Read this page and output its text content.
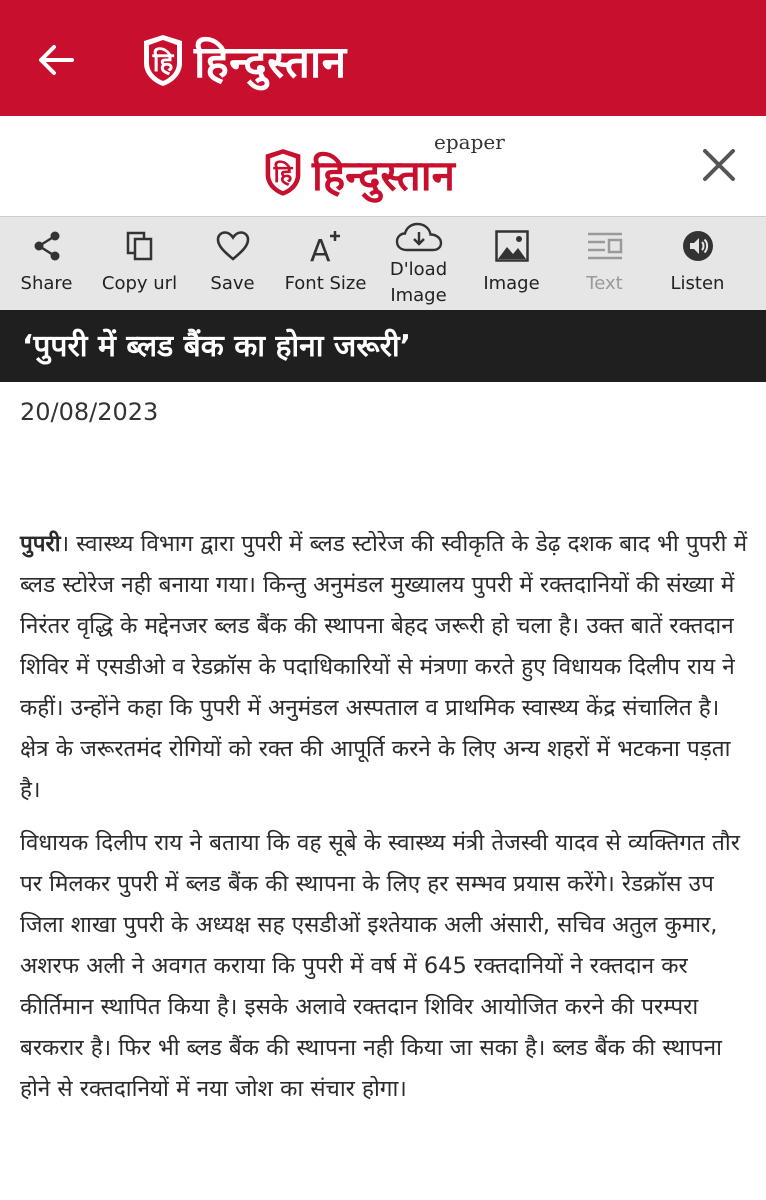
हि हिन्दुस्तान
हि
epaper
हिन्दुस्तान
Share Copy url Save
A
Font Size
D'load
Image
Image	Text	Listen
‘पुपरी में ब्लड बैंक का होना जरूरी’
20/08/2023

पुपरी। स्वास्थ्य विभाग द्वारा पुपरी में ब्लड स्टोरेज की स्वीकृति के डेढ़ दशक बाद भी पुपरी में ब्लड स्टोरेज नही बनाया गया। किन्तु अनुमंडल मुख्यालय पुपरी में रक्तदानियों की संख्या में निरंतर वृद्धि के मद्देनजर ब्लड बैंक की स्थापना बेहद जरूरी हो चला है। उक्त बातें रक्तदान शिविर में एसडीओ व रेडक्रॉस के पदाधिकारियों से मंत्रणा करते हुए विधायक दिलीप राय ने कहीं। उन्होंने कहा कि पुपरी में अनुमंडल अस्पताल व प्राथमिक स्वास्थ्य केंद्र संचालित है। क्षेत्र के जरूरतमंद रोगियों को रक्त की आपूर्ति करने के लिए अन्य शहरों में भटकना पड़ता है।

विधायक दिलीप राय ने बताया कि वह सूबे के स्वास्थ्य मंत्री तेजस्वी यादव से व्यक्तिगत तौर पर मिलकर पुपरी में ब्लड बैंक की स्थापना के लिए हर सम्भव प्रयास करेंगे। रेडक्रॉस उप जिला शाखा पुपरी के अध्यक्ष सह एसडीओं इश्तेयाक अली अंसारी, सचिव अतुल कुमार, अशरफ अली ने अवगत कराया कि पुपरी में वर्ष में 645 रक्तदानियों ने रक्तदान कर कीर्तिमान स्थापित किया है। इसके अलावे रक्तदान शिविर आयोजित करने की परम्परा बरकरार है। फिर भी ब्लड बैंक की स्थापना नही किया जा सका है। ब्लड बैंक की स्थापना होने से रक्तदानियों में नया जोश का संचार होगा।
